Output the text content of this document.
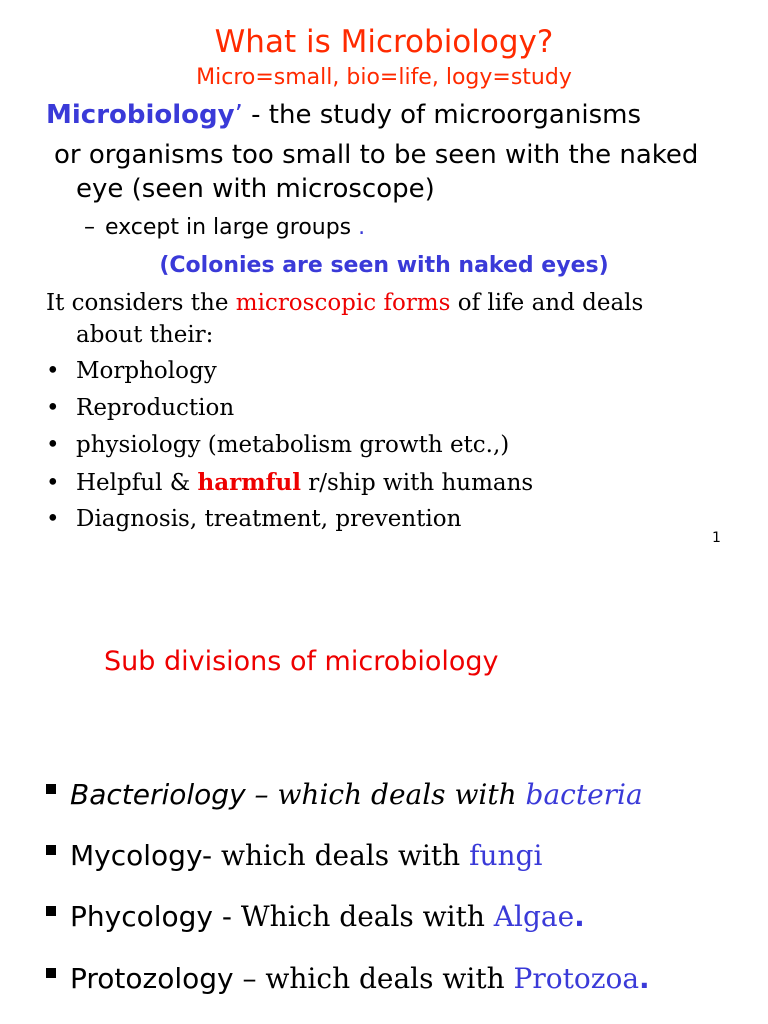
What is Microbiology?
Micro=small, bio=life, logy=study
Microbiology’ - the study of microorganisms
or organisms too small to be seen with the naked
eye (seen with microscope)
– except in large groups .
(Colonies are seen with naked eyes)
It considers the microscopic forms of life and deals
about their:
• Morphology
• Reproduction
• physiology (metabolism growth etc.,)
• Helpful & harmful r/ship with humans
• Diagnosis, treatment, prevention
1
Sub divisions of microbiology
Bacteriology – which deals with bacteria
Mycology- which deals with fungi
Phycology - Which deals with Algae.
Protozology – which deals with Protozoa.
